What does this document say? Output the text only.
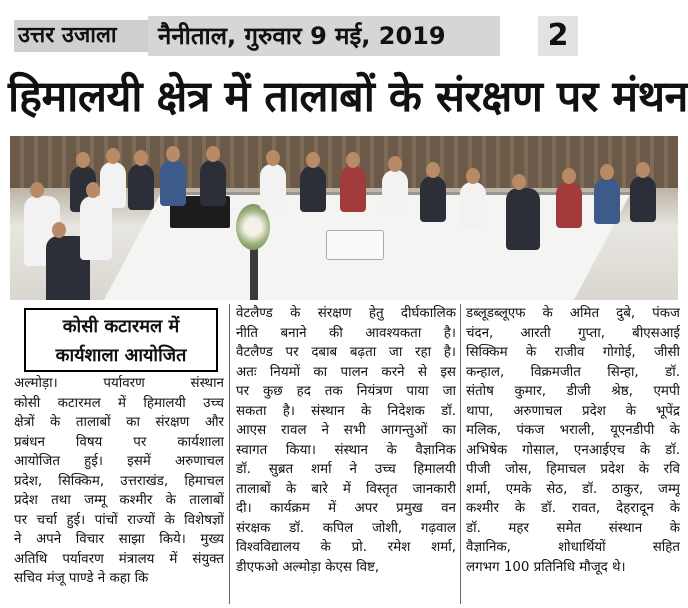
उत्तर उजाला	नैनीताल, गुरुवार 9 मई, 2019	2
हिमालयी क्षेत्र में तालाबों के संरक्षण पर मंथन
कोसी कटारमल में
कार्यशाला आयोजित

अल्मोड़ा। पर्यावरण संस्थान

कोसी कटारमल में हिमालयी उच्च

क्षेत्रों के तालाबों का संरक्षण और

प्रबंधन विषय पर कार्यशाला

आयोजित हुई। इसमें अरुणाचल

प्रदेश, सिक्किम, उत्तराखंड, हिमाचल

प्रदेश तथा जम्मू कश्मीर के तालाबों

पर चर्चा हुई। पांचों राज्यों के विशेषज्ञों

ने अपने विचार साझा किये। मुख्य

अतिथि पर्यावरण मंत्रालय में संयुक्त

सचिव मंजू पाण्डे ने कहा कि

वेटलैण्ड के संरक्षण हेतु दीर्घकालिक

नीति बनाने की आवश्यकता है।

वैटलैण्ड पर दबाब बढ़ता जा रहा है।

अतः नियमों का पालन करने से इस

पर कुछ हद तक नियंत्रण पाया जा

सकता है। संस्थान के निदेशक डॉ.

आएस रावल ने सभी आगन्तुओं का

स्वागत किया। संस्थान के वैज्ञानिक

डॉ. सुब्रत शर्मा ने उच्च हिमालयी

तालाबों के बारे में विस्तृत जानकारी

दी। कार्यक्रम में अपर प्रमुख वन

संरक्षक डॉ. कपिल जोशी, गढ़वाल

विश्वविद्यालय के प्रो. रमेश शर्मा,

डीएफओ अल्मोड़ा केएस विष्ट,

डब्लूडब्लूएफ के अमित दुबे, पंकज

चंदन, आरती गुप्ता, बीएसआई

सिक्किम के राजीव गोगोई, जीसी

कन्हाल, विक्रमजीत सिन्हा, डॉ.

संतोष कुमार, डीजी श्रेष्ठ, एमपी

थापा, अरुणाचल प्रदेश के भूपेंद्र

मलिक, पंकज भराली, यूएनडीपी के

अभिषेक गोसाल, एनआईएच के डॉ.

पीजी जोस, हिमाचल प्रदेश के रवि

शर्मा, एमके सेठ, डॉ. ठाकुर, जम्मू

कश्मीर के डॉ. रावत, देहरादून के

डॉ. महर समेत संस्थान के

वैज्ञानिक, शोधार्थियों सहित

लगभग 100 प्रतिनिधि मौजूद थे।
